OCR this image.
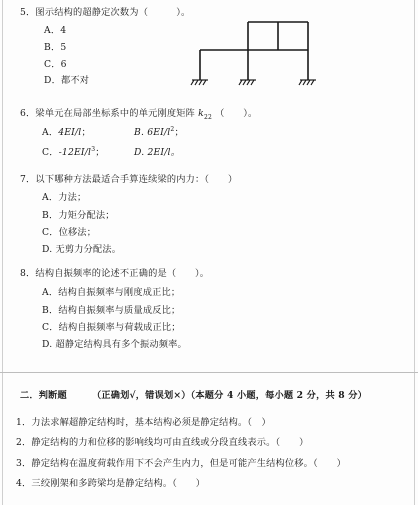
5．图示结构的超静定次数为（　　　）。
A．4
B．5
C．6
D．都不对
6．梁单元在局部坐标系中的单元刚度矩阵 $k_{22}$ （　　）。
A．4EI/l；	B. $6EI/l^2$；
C．$-12EI/l^3$；	D. 2EI/l。
7．以下哪种方法最适合手算连续梁的内力：（　　）
A．力法；
B．力矩分配法；
C．位移法；
D. 无剪力分配法。
8．结构自振频率的论述不正确的是（　　）。
A．结构自振频率与刚度成正比；
B．结构自振频率与质量成反比；
C．结构自振频率与荷载成正比；
D. 超静定结构具有多个振动频率。
二．判断题	（正确划√，错误划×）（本题分 4 小题，每小题 2 分，共 8 分）
1．力法求解超静定结构时，基本结构必须是静定结构。（　）
2．静定结构的力和位移的影响线均可由直线或分段直线表示。（　　）
3．静定结构在温度荷载作用下不会产生内力，但是可能产生结构位移。（　　）
4．三绞刚架和多跨梁均是静定结构。（　　）
